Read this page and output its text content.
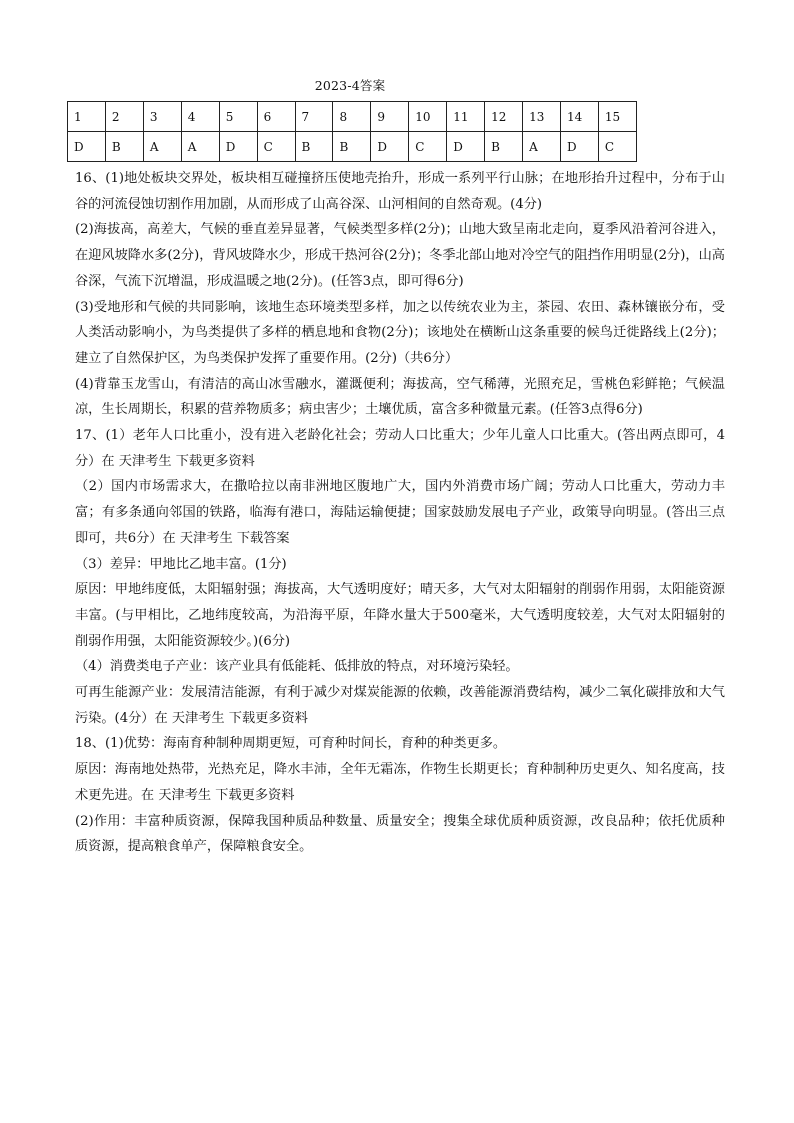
2023-4答案
1	2	3	4	5	6	7	8	9	10	11	12	13	14	15
D	B	A	A	D	C	B	B	D	C	D	B	A	D	C

16、(1)地处板块交界处，板块相互碰撞挤压使地壳抬升，形成一系列平行山脉；在地形抬升过程中，分布于山谷的河流侵蚀切割作用加剧，从而形成了山高谷深、山河相间的自然奇观。(4分)

(2)海拔高，高差大，气候的垂直差异显著，气候类型多样(2分)；山地大致呈南北走向，夏季风沿着河谷进入，在迎风坡降水多(2分)，背风坡降水少，形成干热河谷(2分)；冬季北部山地对冷空气的阻挡作用明显(2分)，山高谷深，气流下沉增温，形成温暖之地(2分)。(任答3点，即可得6分)

(3)受地形和气候的共同影响，该地生态环境类型多样，加之以传统农业为主，茶园、农田、森林镶嵌分布，受人类活动影响小，为鸟类提供了多样的栖息地和食物(2分)；该地处在横断山这条重要的候鸟迁徙路线上(2分)；建立了自然保护区，为鸟类保护发挥了重要作用。(2分)（共6分）

(4)背靠玉龙雪山，有清洁的高山冰雪融水，灌溉便利；海拔高，空气稀薄，光照充足，雪桃色彩鲜艳；气候温凉，生长周期长，积累的营养物质多；病虫害少；土壤优质，富含多种微量元素。(任答3点得6分)

17、(1）老年人口比重小，没有进入老龄化社会；劳动人口比重大；少年儿童人口比重大。(答出两点即可，4分）在 天津考生 下载更多资料

（2）国内市场需求大，在撒哈拉以南非洲地区腹地广大，国内外消费市场广阔；劳动人口比重大，劳动力丰富；有多条通向邻国的铁路，临海有港口，海陆运输便捷；国家鼓励发展电子产业，政策导向明显。(答出三点即可，共6分）在 天津考生 下载答案

（3）差异：甲地比乙地丰富。(1分)

原因：甲地纬度低，太阳辐射强；海拔高，大气透明度好；晴天多，大气对太阳辐射的削弱作用弱，太阳能资源丰富。(与甲相比，乙地纬度较高，为沿海平原，年降水量大于500毫米，大气透明度较差，大气对太阳辐射的削弱作用强，太阳能资源较少。)(6分)

（4）消费类电子产业：该产业具有低能耗、低排放的特点，对环境污染轻。

可再生能源产业：发展清洁能源，有利于减少对煤炭能源的依赖，改善能源消费结构，减少二氧化碳排放和大气污染。(4分）在 天津考生 下载更多资料

18、(1)优势：海南育种制种周期更短，可育种时间长，育种的种类更多。

原因：海南地处热带，光热充足，降水丰沛，全年无霜冻，作物生长期更长；育种制种历史更久、知名度高，技术更先进。在 天津考生 下载更多资料

(2)作用：丰富种质资源，保障我国种质品种数量、质量安全；搜集全球优质种质资源，改良品种；依托优质种质资源，提高粮食单产，保障粮食安全。
